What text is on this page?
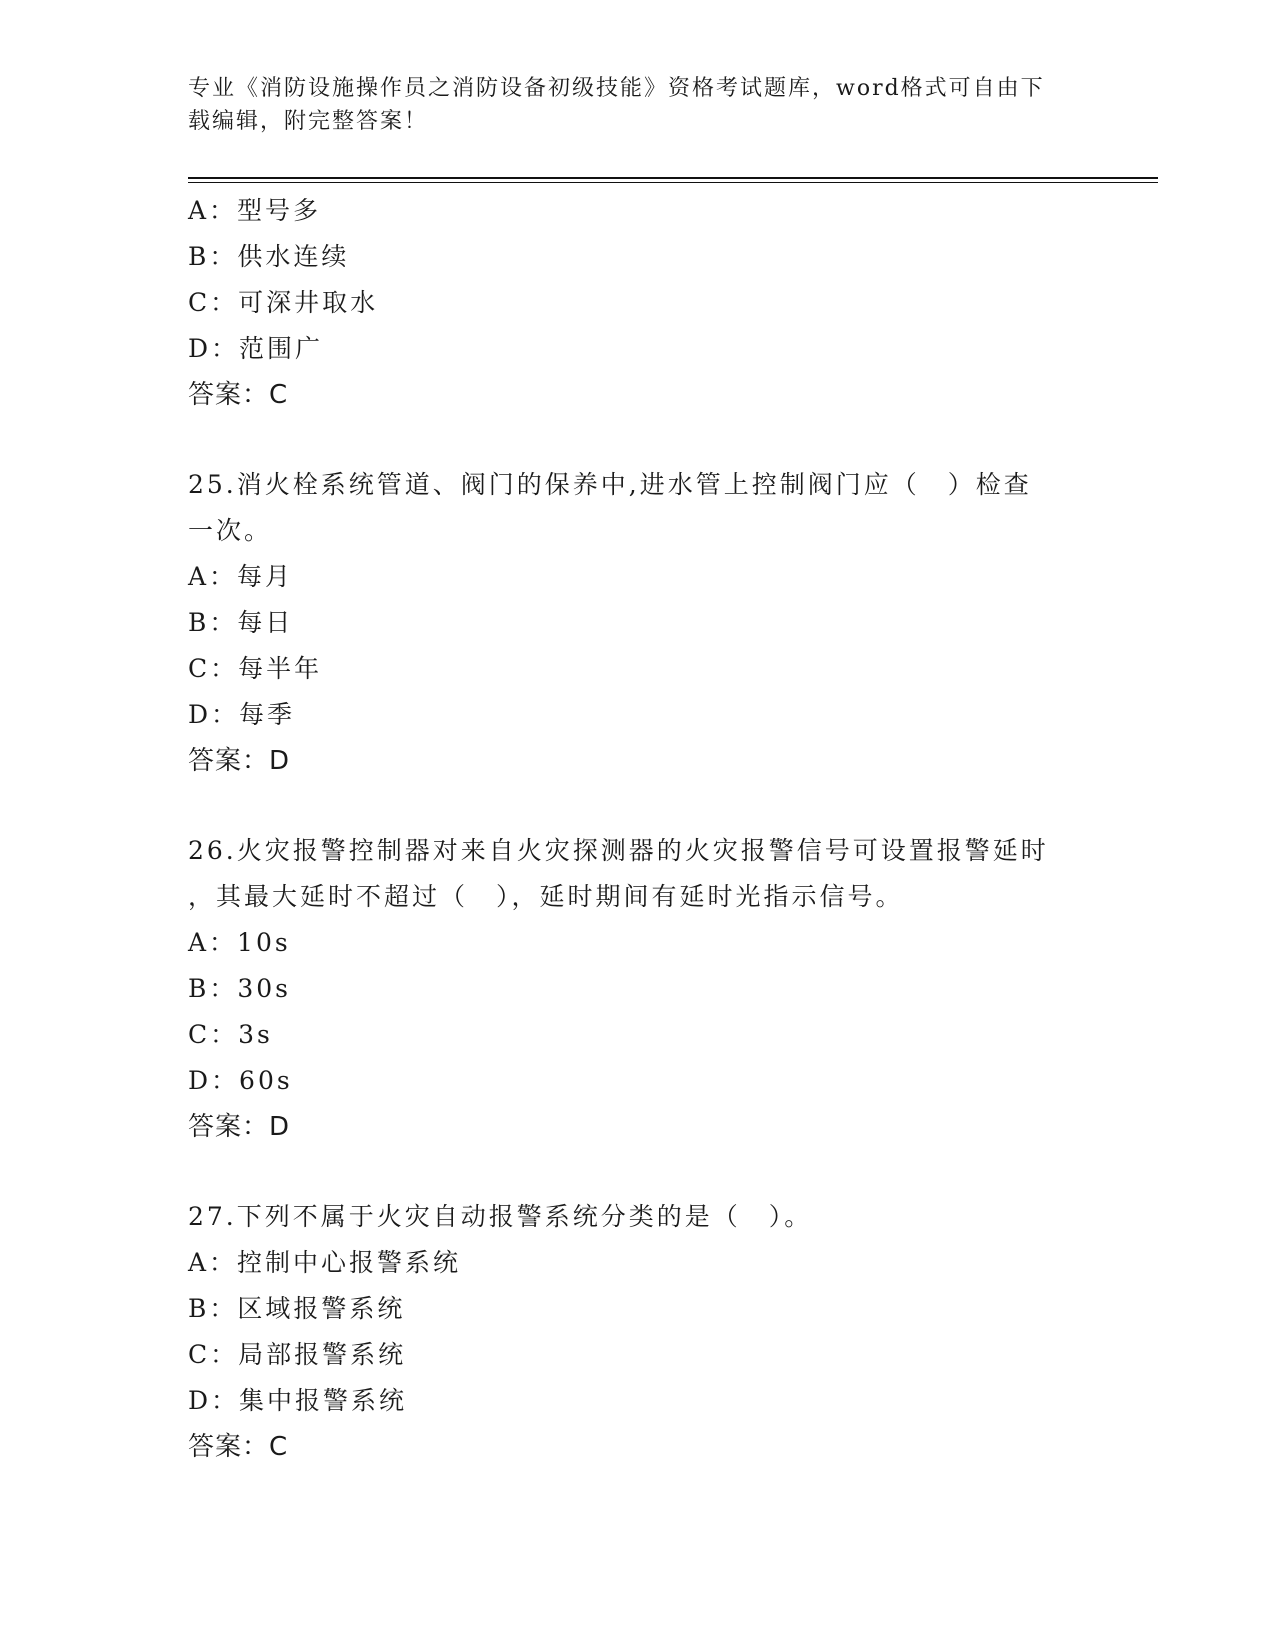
专业《消防设施操作员之消防设备初级技能》资格考试题库，word格式可自由下
载编辑，附完整答案！
A：型号多
B：供水连续
C：可深井取水
D：范围广
答案：C
25.消火栓系统管道、阀门的保养中,进水管上控制阀门应（　）检查
一次。
A：每月
B：每日
C：每半年
D：每季
答案：D
26.火灾报警控制器对来自火灾探测器的火灾报警信号可设置报警延时
，其最大延时不超过（　），延时期间有延时光指示信号。
A：10s
B：30s
C：3s
D：60s
答案：D
27.下列不属于火灾自动报警系统分类的是（　）。
A：控制中心报警系统
B：区域报警系统
C：局部报警系统
D：集中报警系统
答案：C
